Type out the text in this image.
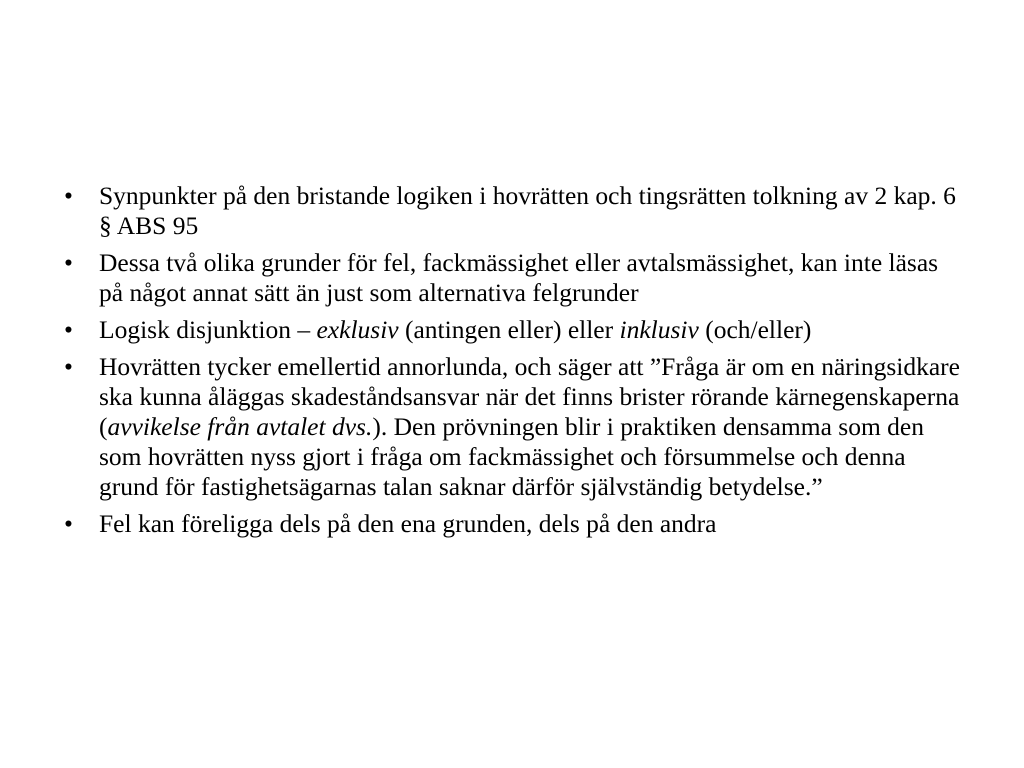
•	Synpunkter på den bristande logiken i hovrätten och tingsrätten tolkning av 2 kap. 6 § ABS 95
•	Dessa två olika grunder för fel, fackmässighet eller avtalsmässighet, kan inte läsas på något annat sätt än just som alternativa felgrunder
•	Logisk disjunktion – exklusiv (antingen eller) eller inklusiv (och/eller)
•	Hovrätten tycker emellertid annorlunda, och säger att ”Fråga är om en näringsidkare ska kunna åläggas skadeståndsansvar när det finns brister rörande kärnegenskaperna (avvikelse från avtalet dvs.). Den prövningen blir i praktiken densamma som den som hovrätten nyss gjort i fråga om fackmässighet och försummelse och denna grund för fastighetsägarnas talan saknar därför självständig betydelse.”
•	Fel kan föreligga dels på den ena grunden, dels på den andra
